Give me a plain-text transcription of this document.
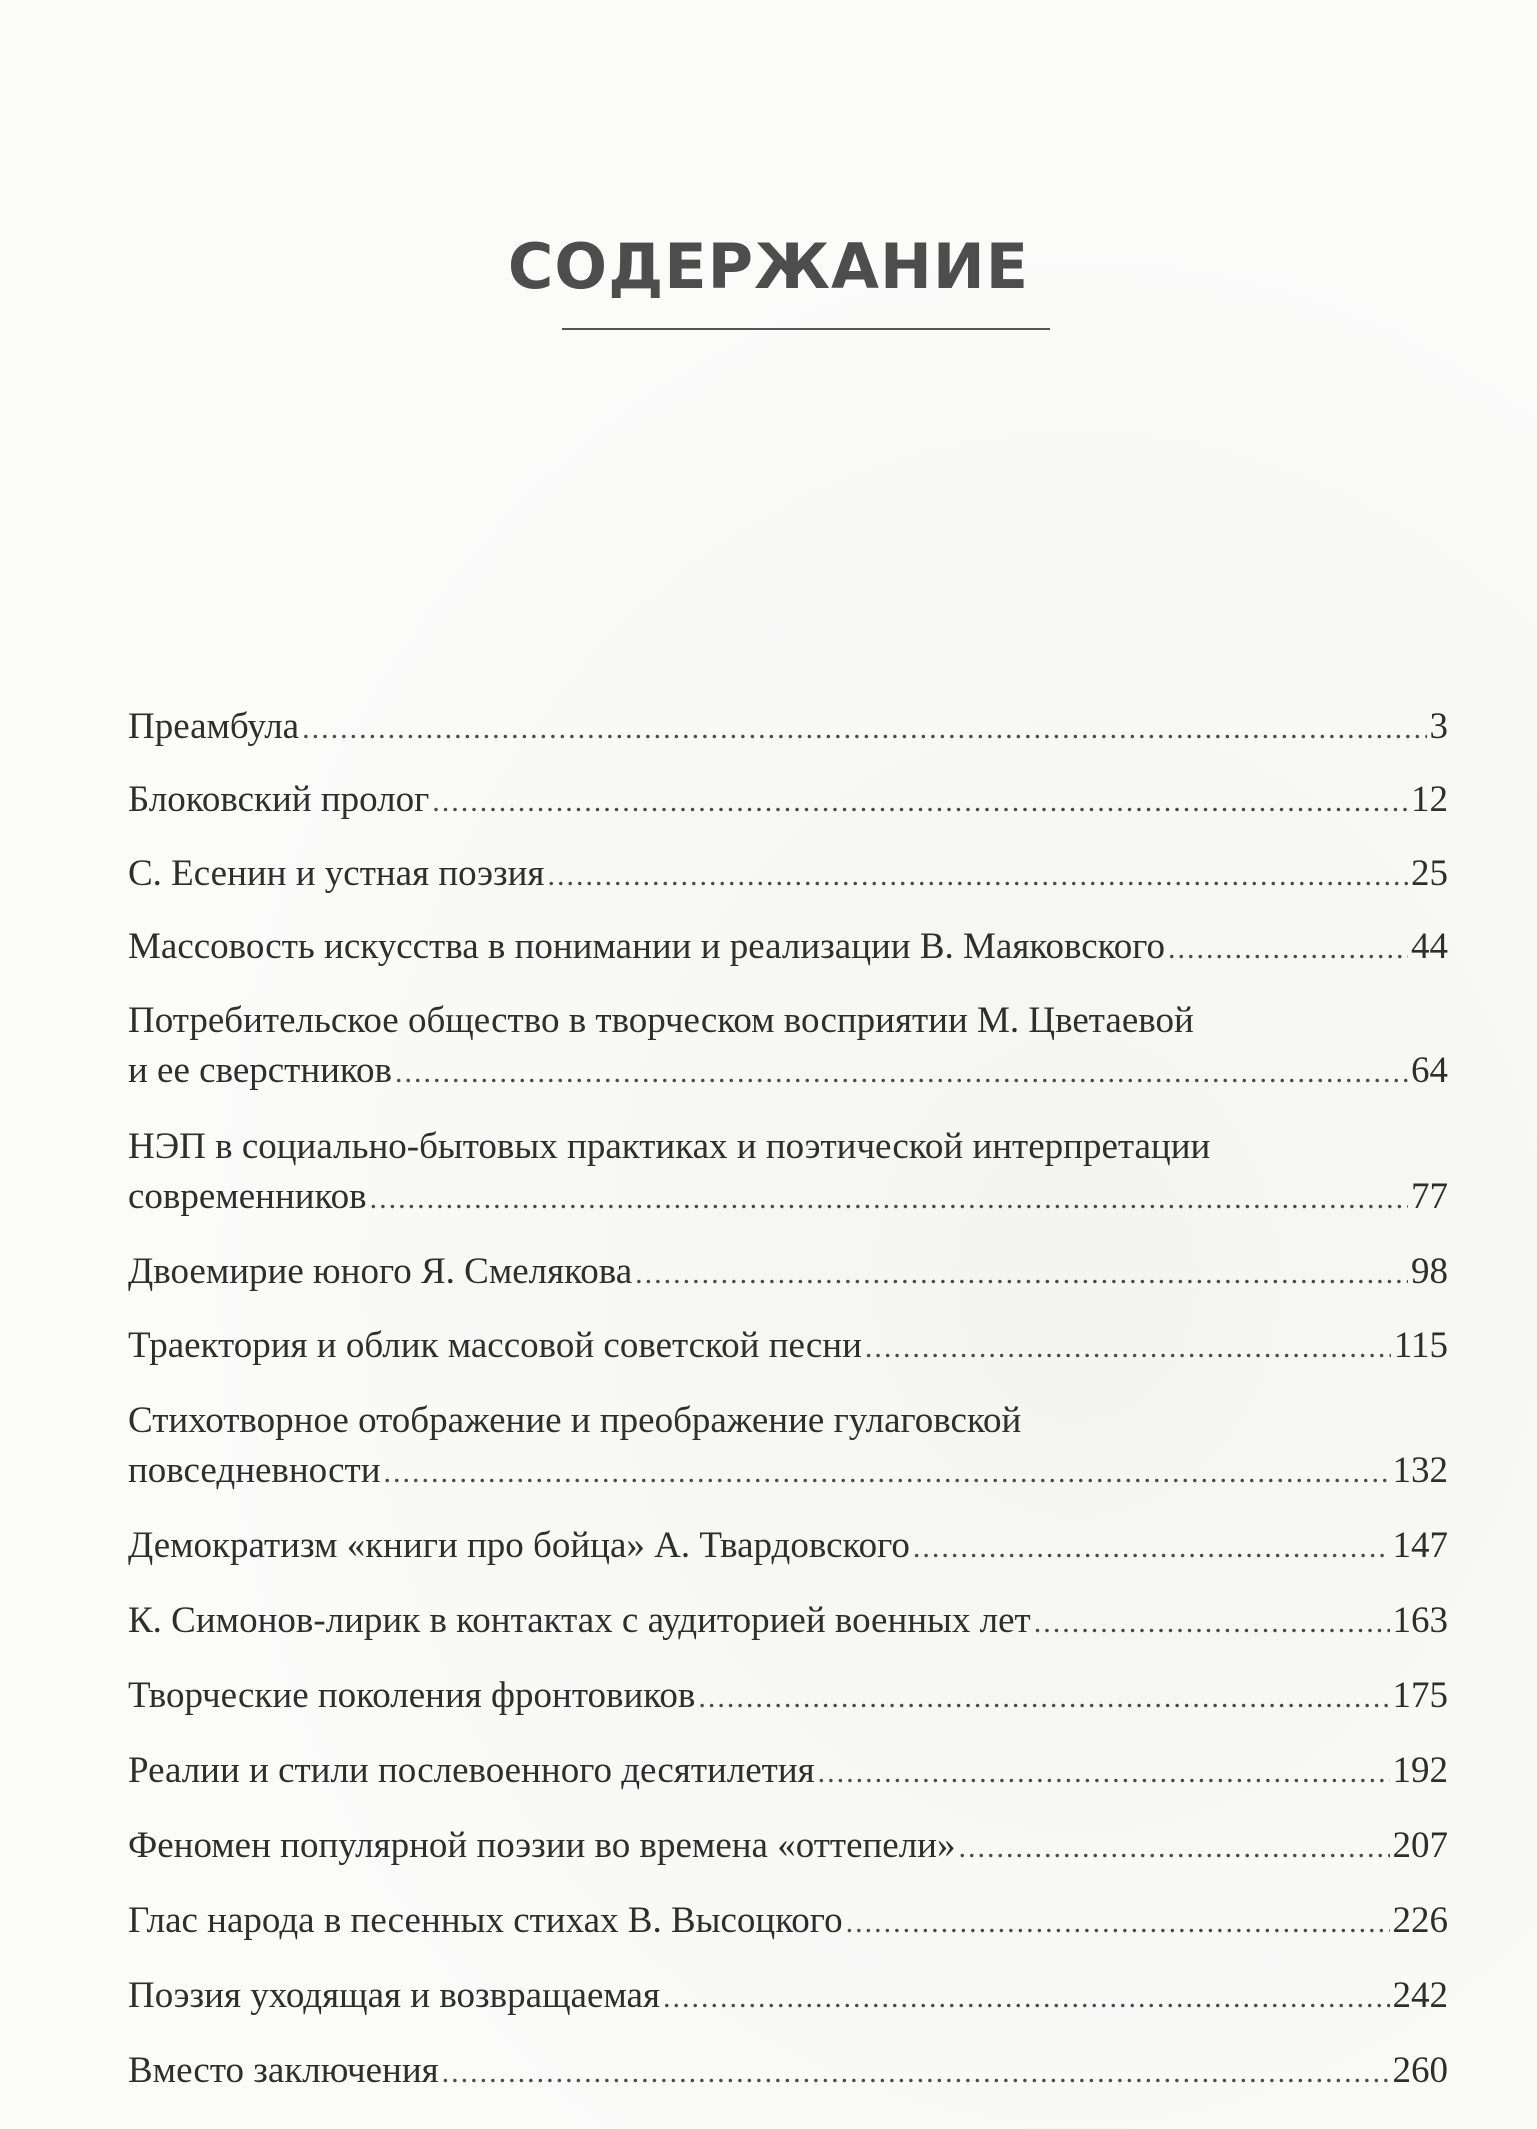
СОДЕРЖАНИЕ
Преамбула .....	3
Блоковский пролог .....	12
С. Есенин и устная поэзия .....	25
Массовость искусства в понимании и реализации В. Маяковского .....	44
Потребительское общество в творческом восприятии М. Цветаевой
и ее сверстников .....	64
НЭП в социально-бытовых практиках и поэтической интерпретации
современников .....	77
Двоемирие юного Я. Смелякова .....	98
Траектория и облик массовой советской песни .....	115
Стихотворное отображение и преображение гулаговской
повседневности .....	132
Демократизм «книги про бойца» А. Твардовского .....	147
К. Симонов-лирик в контактах с аудиторией военных лет .....	163
Творческие поколения фронтовиков .....	175
Реалии и стили послевоенного десятилетия .....	192
Феномен популярной поэзии во времена «оттепели» .....	207
Глас народа в песенных стихах В. Высоцкого .....	226
Поэзия уходящая и возвращаемая .....	242
Вместо заключения .....	260
